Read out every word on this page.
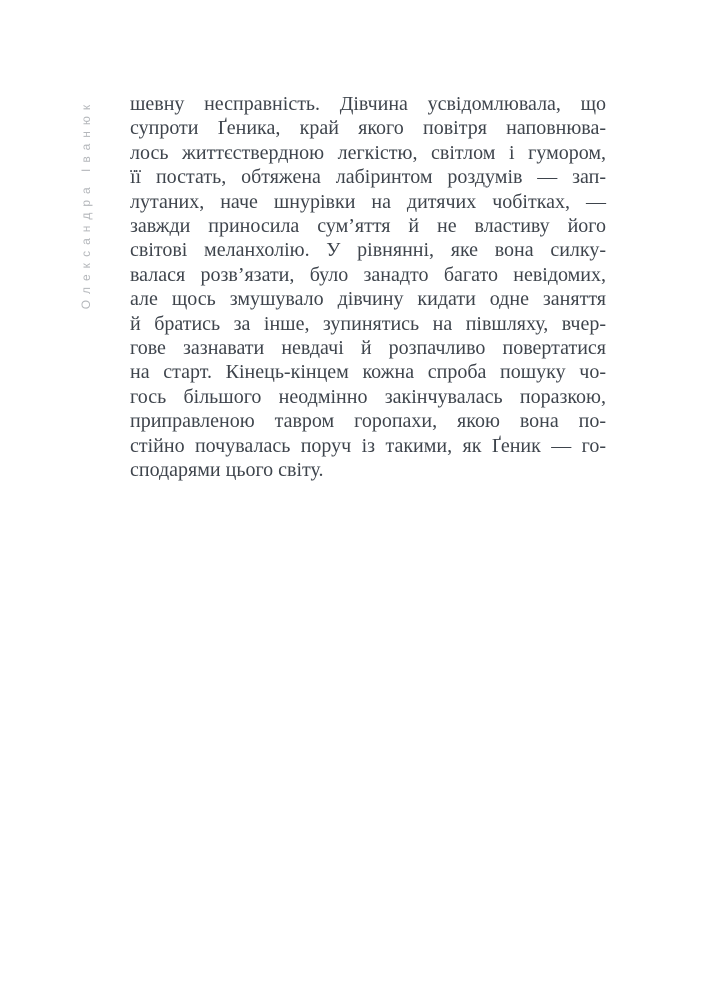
Олександра Іванюк шевну несправність. Дівчина усвідомлювала, що
супроти Ґеника, край якого повітря наповнюва-
лось життєствердною легкістю, світлом і гумором,
її постать, обтяжена лабіринтом роздумів — зап-
лутаних, наче шнурівки на дитячих чобітках, —
завжди приносила сум’яття й не властиву його
світові меланхолію. У рівнянні, яке вона силку-
валася розв’язати, було занадто багато невідомих,
але щось змушувало дівчину кидати одне заняття
й братись за інше, зупинятись на півшляху, вчер-
гове зазнавати невдачі й розпачливо повертатися
на старт. Кінець-кінцем кожна спроба пошуку чо-
гось більшого неодмінно закінчувалась поразкою,
приправленою тавром горопахи, якою вона по-
стійно почувалась поруч із такими, як Ґеник — го-
сподарями цього світу.
